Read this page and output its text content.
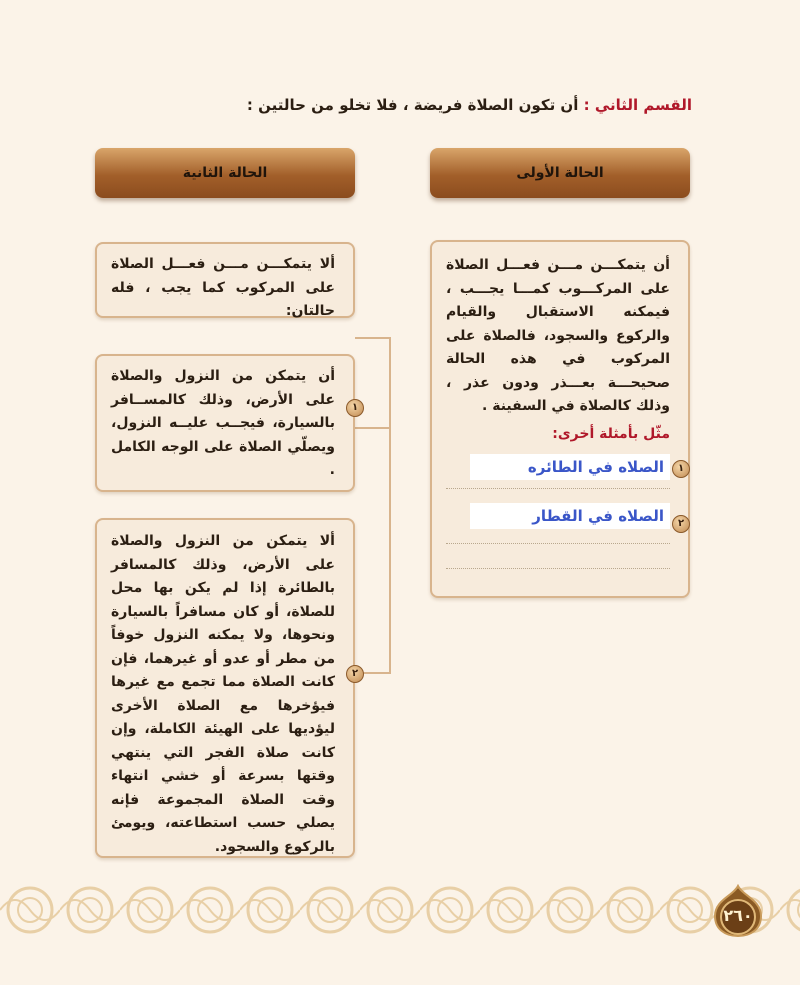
القسم الثاني : أن تكون الصلاة فريضة ، فلا تخلو من حالتين :
الحالة الأولى
الحالة الثانية
أن يتمكـــن مـــن فعـــل الصلاة على المركـــوب كمـــا يجـــب ، فيمكنه الاستقبال والقيام والركوع والسجود، فالصلاة على المركوب في هذه الحالة صحيحـــة بعـــذر ودون عذر ، وذلك كالصلاة في السفينة .
مثّل بأمثلة أخرى:
الصلاه في الطائره	١
الصلاه في القطار	٢
ألا يتمكـــن مـــن فعـــل الصلاة على المركوب كما يجب ، فله حالتان:
أن يتمكن من النزول والصلاة على الأرض، وذلك كالمســافر بالسيارة، فيجــب عليــه النزول، ويصلّي الصلاة على الوجه الكامل .
١
ألا يتمكن من النزول والصلاة على الأرض، وذلك كالمسافر بالطائرة إذا لم يكن بها محل للصلاة، أو كان مسافراً بالسيارة ونحوها، ولا يمكنه النزول خوفاً من مطر أو عدو أو غيرهما، فإن كانت الصلاة مما تجمع مع غيرها فيؤخرها مع الصلاة الأخرى ليؤديها على الهيئة الكاملة، وإن كانت صلاة الفجر التي ينتهي وقتها بسرعة أو خشي انتهاء وقت الصلاة المجموعة فإنه يصلي حسب استطاعته، ويومئ بالركوع والسجود.
٢
٢٦٠
